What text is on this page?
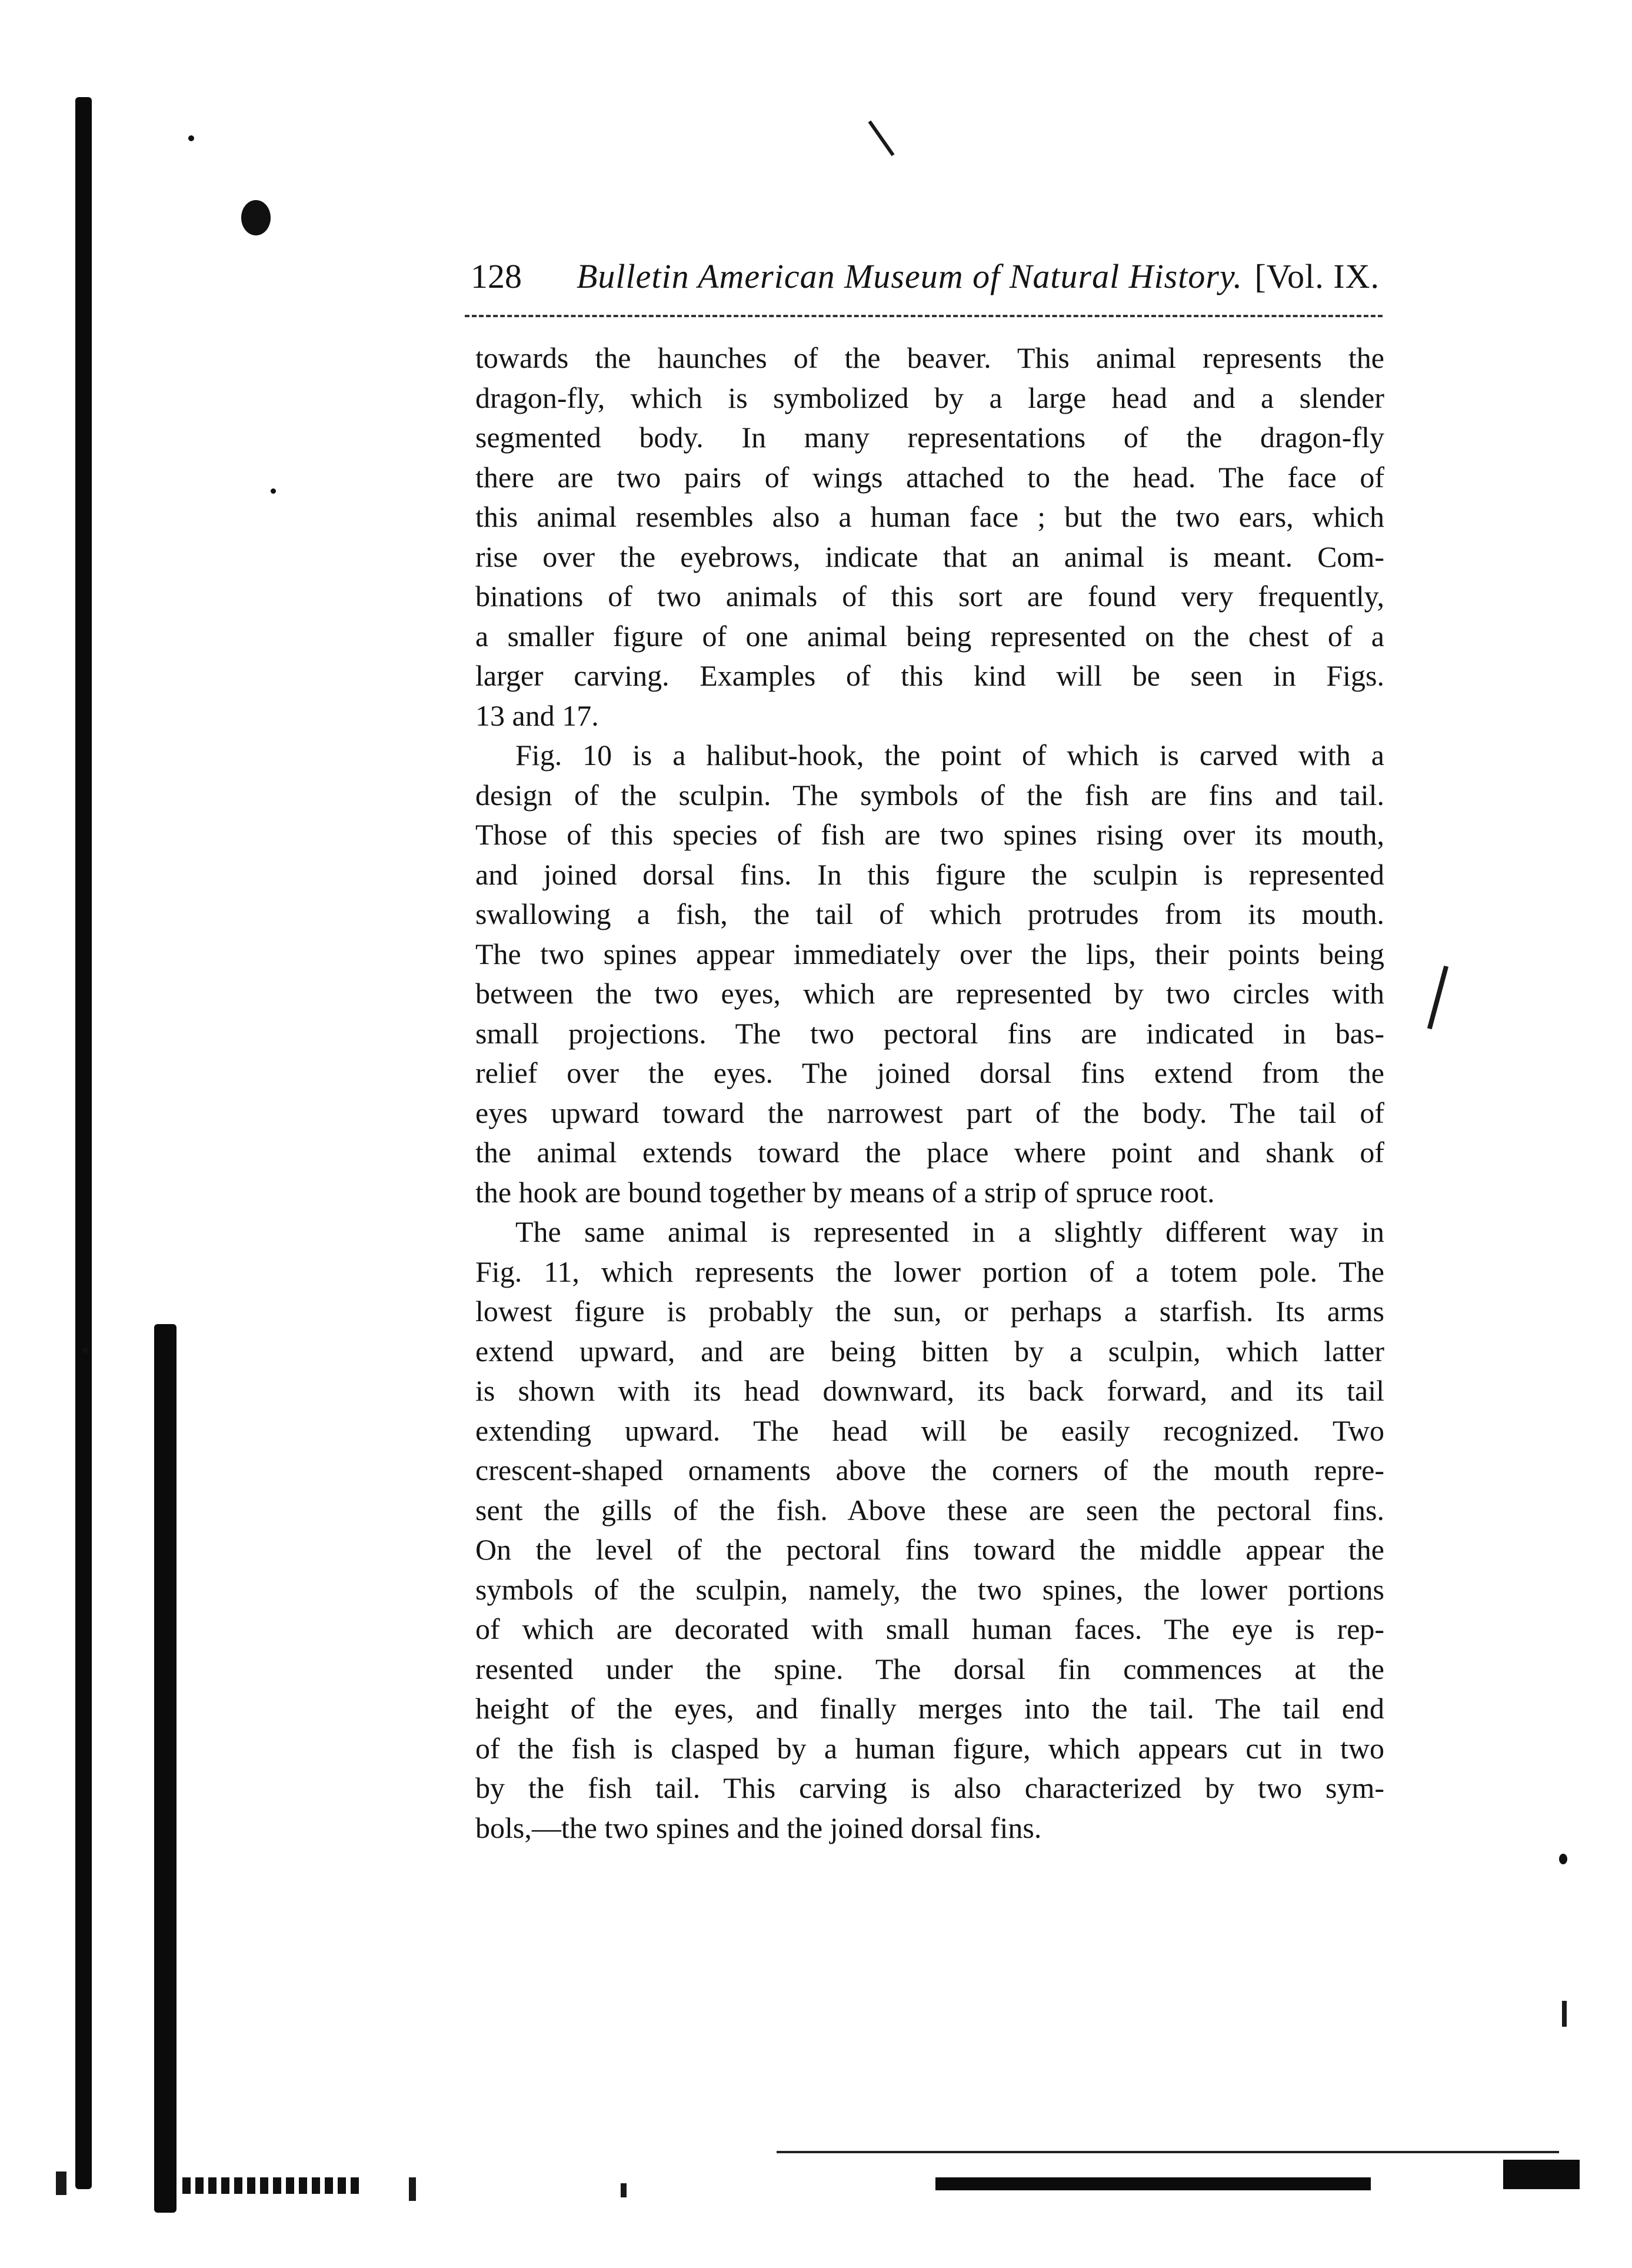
128 Bulletin American Museum of Natural History. [Vol. IX.

towards the haunches of the beaver. This animal represents the

dragon-fly, which is symbolized by a large head and a slender

segmented body. In many representations of the dragon-fly

there are two pairs of wings attached to the head. The face of

this animal resembles also a human face ; but the two ears, which

rise over the eyebrows, indicate that an animal is meant. Com-

binations of two animals of this sort are found very frequently,

a smaller figure of one animal being represented on the chest of a

larger carving. Examples of this kind will be seen in Figs.

13 and 17.

Fig. 10 is a halibut-hook, the point of which is carved with a

design of the sculpin. The symbols of the fish are fins and tail.

Those of this species of fish are two spines rising over its mouth,

and joined dorsal fins. In this figure the sculpin is represented

swallowing a fish, the tail of which protrudes from its mouth.

The two spines appear immediately over the lips, their points being

between the two eyes, which are represented by two circles with

small projections. The two pectoral fins are indicated in bas-

relief over the eyes. The joined dorsal fins extend from the

eyes upward toward the narrowest part of the body. The tail of

the animal extends toward the place where point and shank of

the hook are bound together by means of a strip of spruce root.

The same animal is represented in a slightly different way in

Fig. 11, which represents the lower portion of a totem pole. The

lowest figure is probably the sun, or perhaps a starfish. Its arms

extend upward, and are being bitten by a sculpin, which latter

is shown with its head downward, its back forward, and its tail

extending upward. The head will be easily recognized. Two

crescent-shaped ornaments above the corners of the mouth repre-

sent the gills of the fish. Above these are seen the pectoral fins.

On the level of the pectoral fins toward the middle appear the

symbols of the sculpin, namely, the two spines, the lower portions

of which are decorated with small human faces. The eye is rep-

resented under the spine. The dorsal fin commences at the

height of the eyes, and finally merges into the tail. The tail end

of the fish is clasped by a human figure, which appears cut in two

by the fish tail. This carving is also characterized by two sym-

bols,—the two spines and the joined dorsal fins.
